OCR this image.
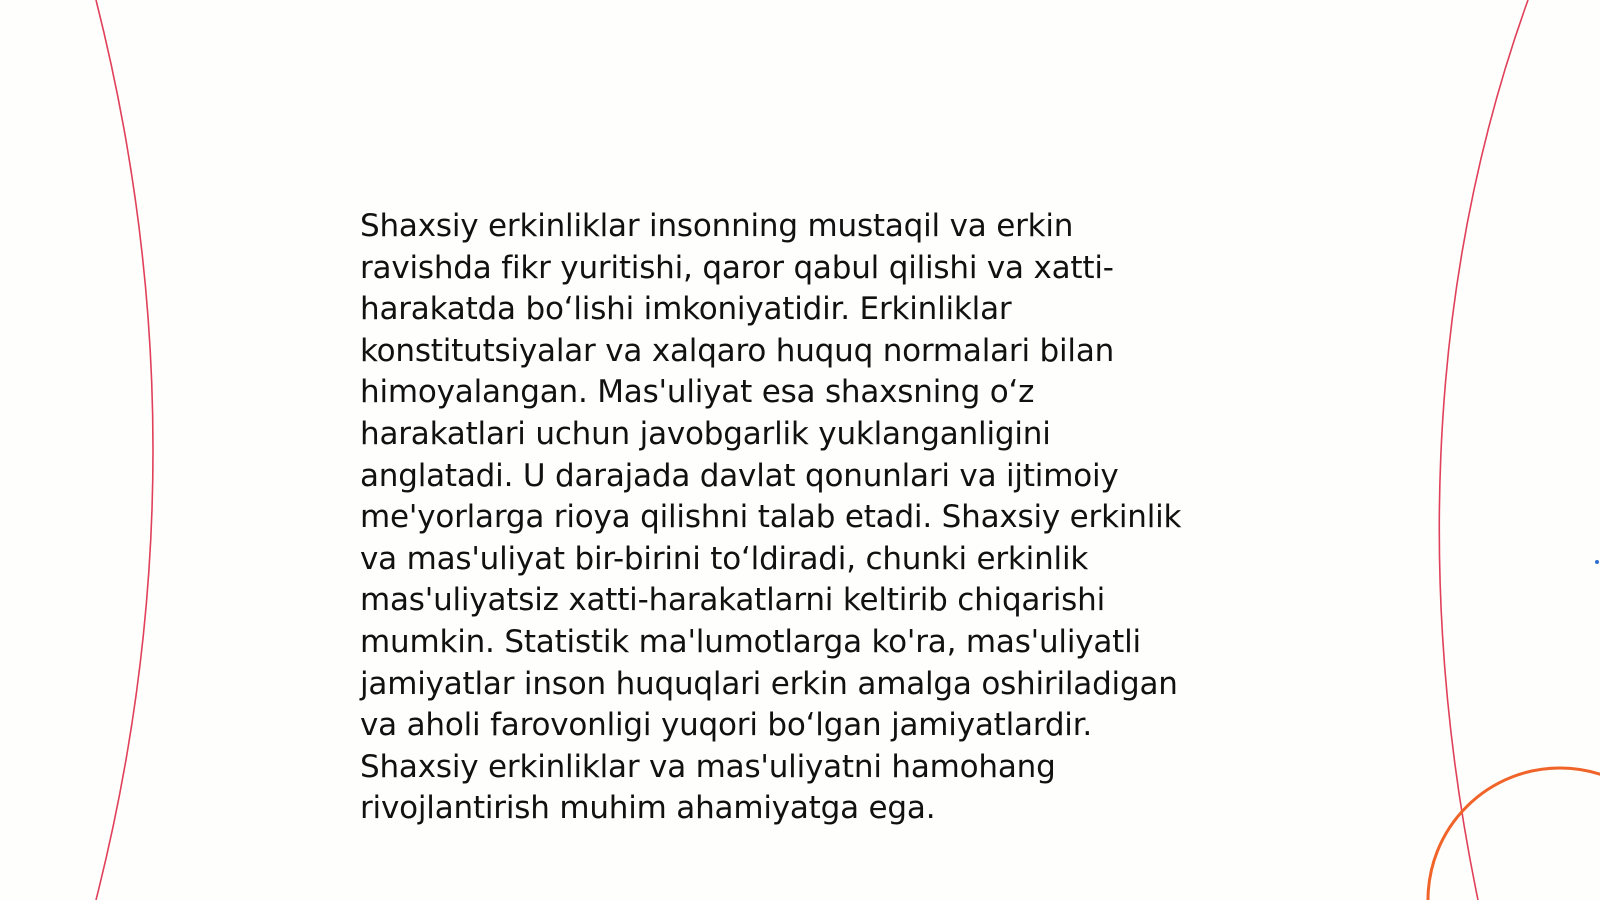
Shaxsiy erkinliklar insonning mustaqil va erkin
ravishda fikr yuritishi, qaror qabul qilishi va xatti-
harakatda bo‘lishi imkoniyatidir. Erkinliklar
konstitutsiyalar va xalqaro huquq normalari bilan
himoyalangan. Mas'uliyat esa shaxsning o‘z
harakatlari uchun javobgarlik yuklanganligini
anglatadi. U darajada davlat qonunlari va ijtimoiy
me'yorlarga rioya qilishni talab etadi. Shaxsiy erkinlik
va mas'uliyat bir-birini to‘ldiradi, chunki erkinlik
mas'uliyatsiz xatti-harakatlarni keltirib chiqarishi
mumkin. Statistik ma'lumotlarga ko'ra, mas'uliyatli
jamiyatlar inson huquqlari erkin amalga oshiriladigan
va aholi farovonligi yuqori bo‘lgan jamiyatlardir.
Shaxsiy erkinliklar va mas'uliyatni hamohang
rivojlantirish muhim ahamiyatga ega.
